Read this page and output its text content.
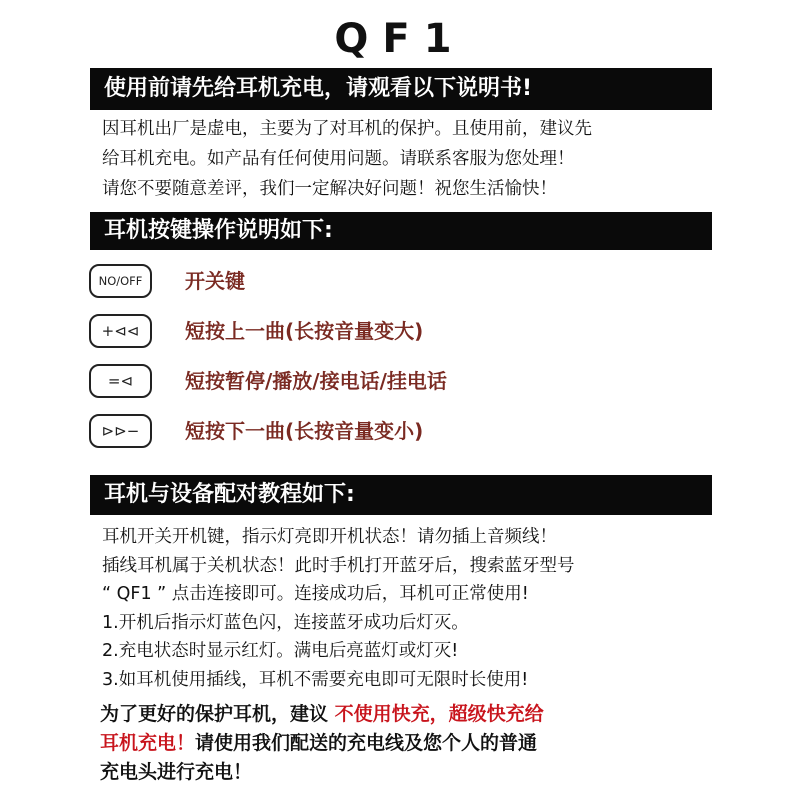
QF1
使用前请先给耳机充电，请观看以下说明书!
因耳机出厂是虚电，主要为了对耳机的保护。且使用前，建议先
给耳机充电。如产品有任何使用问题。请联系客服为您处理！
请您不要随意差评，我们一定解决好问题！祝您生活愉快！
耳机按键操作说明如下:
NO/OFF	开关键
+⊲⊲	短按上一曲(长按音量变大)
=⊲	短按暂停/播放/接电话/挂电话
⊳⊳−	短按下一曲(长按音量变小)
耳机与设备配对教程如下:
耳机开关开机键，指示灯亮即开机状态！请勿插上音频线！
插线耳机属于关机状态！此时手机打开蓝牙后，搜索蓝牙型号
“ QF1 ” 点击连接即可。连接成功后，耳机可正常使用!
1.开机后指示灯蓝色闪，连接蓝牙成功后灯灭。
2.充电状态时显示红灯。满电后亮蓝灯或灯灭!
3.如耳机使用插线，耳机不需要充电即可无限时长使用!
为了更好的保护耳机，建议 不使用快充，超级快充给
耳机充电！请使用我们配送的充电线及您个人的普通
充电头进行充电！
